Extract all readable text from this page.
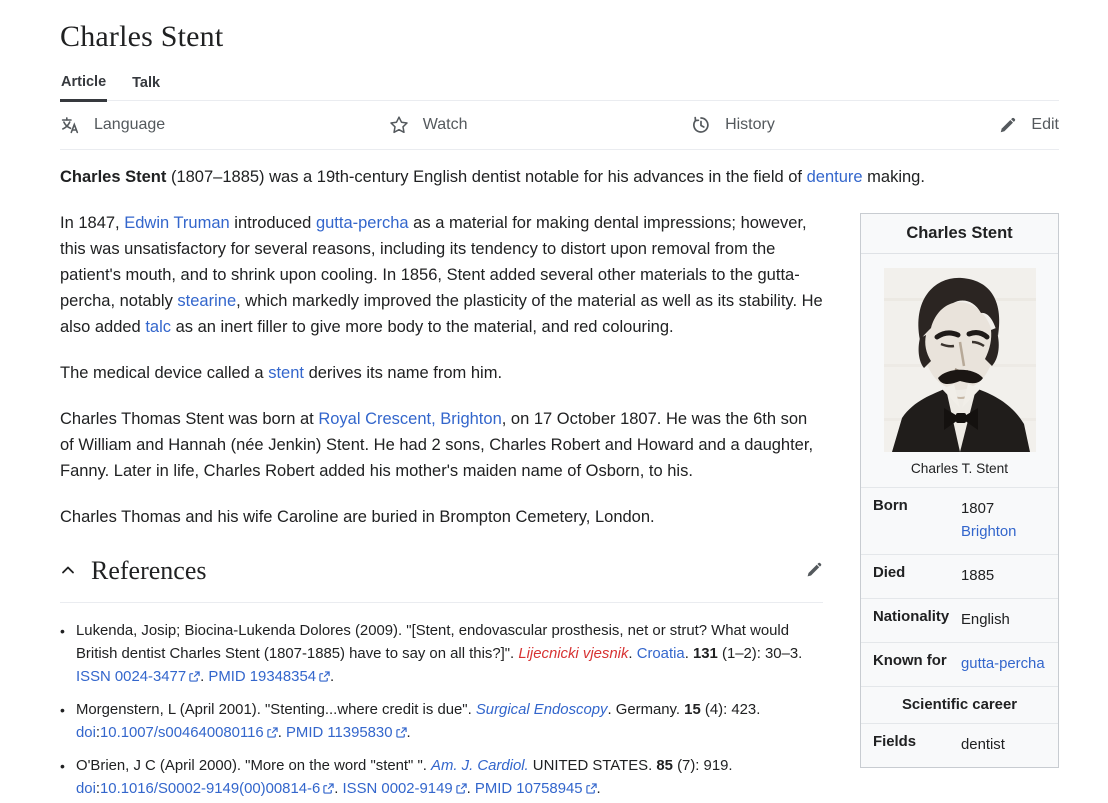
Charles Stent
Article Talk
Language	Watch	History	Edit

Charles Stent (1807–1885) was a 19th-century English dentist notable for his advances in the field of denture making.

Charles Stent
Charles T. Stent
Born	1807
Brighton

Died	1885

Nationality	English

Known for	gutta-percha

Scientific career	
Fields	dentist

In 1847, Edwin Truman introduced gutta-percha as a material for making dental impressions; however, this was unsatisfactory for several reasons, including its tendency to distort upon removal from the patient's mouth, and to shrink upon cooling. In 1856, Stent added several other materials to the gutta-percha, notably stearine, which markedly improved the plasticity of the material as well as its stability. He also added talc as an inert filler to give more body to the material, and red colouring.

The medical device called a stent derives its name from him.

Charles Thomas Stent was born at Royal Crescent, Brighton, on 17 October 1807. He was the 6th son of William and Hannah (née Jenkin) Stent. He had 2 sons, Charles Robert and Howard and a daughter, Fanny. Later in life, Charles Robert added his mother's maiden name of Osborn, to his.

Charles Thomas and his wife Caroline are buried in Brompton Cemetery, London.

References
• Lukenda, Josip; Biocina-Lukenda Dolores (2009). "[Stent, endovascular prosthesis, net or strut? What would British dentist Charles Stent (1807-1885) have to say on all this?]". Lijecnicki vjesnik. Croatia. 131 (1–2): 30–3. ISSN 0024-3477 . PMID 19348354 .
• Morgenstern, L (April 2001). "Stenting...where credit is due". Surgical Endoscopy. Germany. 15 (4): 423. doi:10.1007/s004640080116 . PMID 11395830 .
• O'Brien, J C (April 2000). "More on the word "stent" ". Am. J. Cardiol. UNITED STATES. 85 (7): 919. doi:10.1016/S0002-9149(00)00814-6 . ISSN 0002-9149 . PMID 10758945 .
